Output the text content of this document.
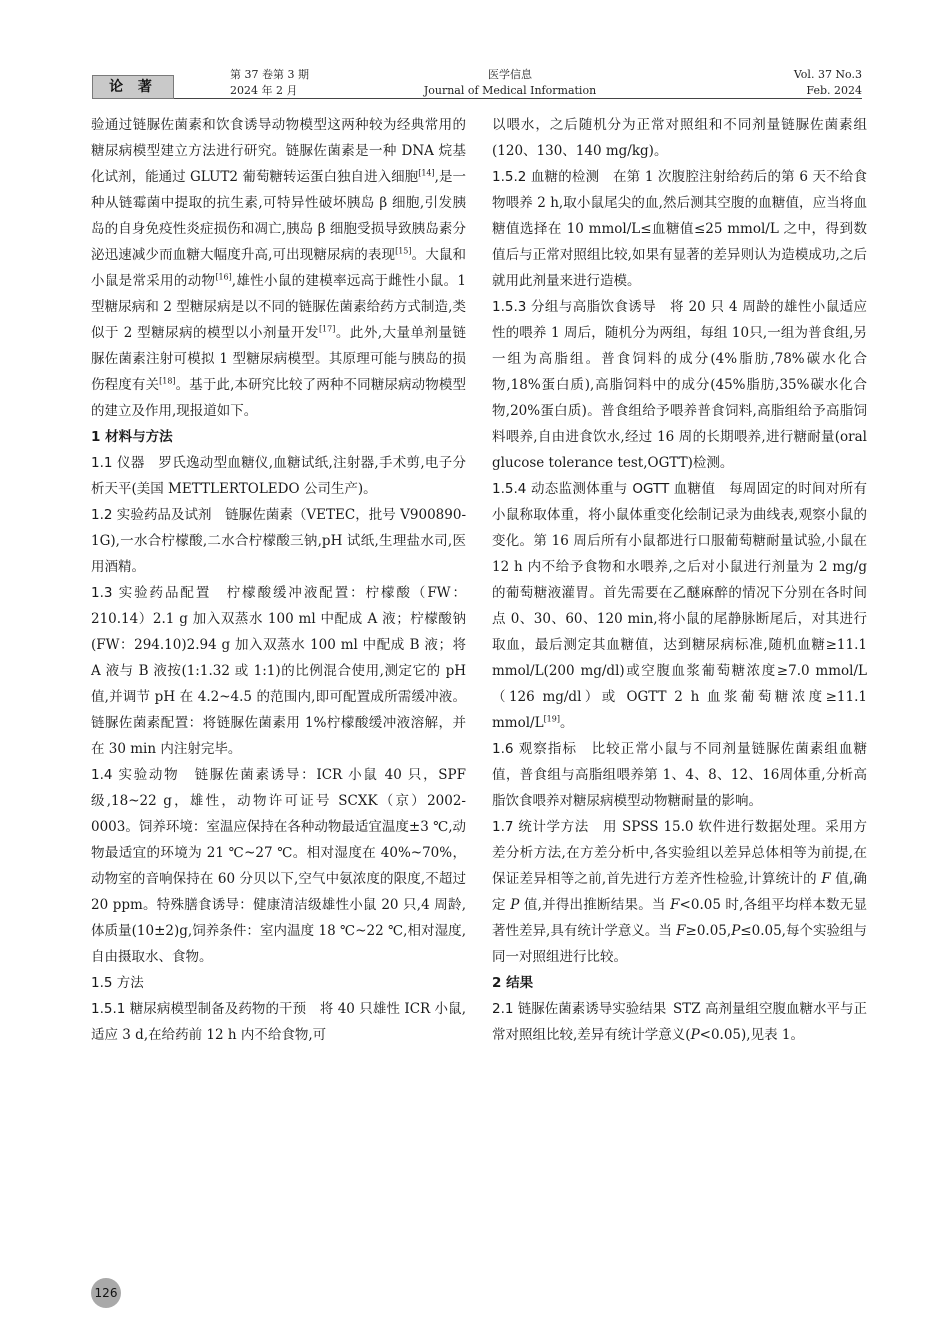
论 著
第 37 卷第 3 期
2024 年 2 月
医学信息
Journal of Medical Information
Vol. 37 No.3
Feb. 2024

验通过链脲佐菌素和饮食诱导动物模型这两种较为经典常用的糖尿病模型建立方法进行研究。链脲佐菌素是一种 DNA 烷基化试剂，能通过 GLUT2 葡萄糖转运蛋白独自进入细胞[14],是一种从链霉菌中提取的抗生素,可特异性破坏胰岛 β 细胞,引发胰岛的自身免疫性炎症损伤和凋亡,胰岛 β 细胞受损导致胰岛素分泌迅速减少而血糖大幅度升高,可出现糖尿病的表现[15]。大鼠和小鼠是常采用的动物[16],雄性小鼠的建模率远高于雌性小鼠。1 型糖尿病和 2 型糖尿病是以不同的链脲佐菌素给药方式制造,类似于 2 型糖尿病的模型以小剂量开发[17]。此外,大量单剂量链脲佐菌素注射可模拟 1 型糖尿病模型。其原理可能与胰岛的损伤程度有关[18]。基于此,本研究比较了两种不同糖尿病动物模型的建立及作用,现报道如下。

1 材料与方法

1.1 仪器 罗氏逸动型血糖仪,血糖试纸,注射器,手术剪,电子分析天平(美国 METTLERTOLEDO 公司生产)。

1.2 实验药品及试剂 链脲佐菌素（VETEC，批号 V900890-1G),一水合柠檬酸,二水合柠檬酸三钠,pH 试纸,生理盐水司,医用酒精。

1.3 实验药品配置 柠檬酸缓冲液配置：柠檬酸（FW：210.14）2.1 g 加入双蒸水 100 ml 中配成 A 液；柠檬酸钠(FW：294.10)2.94 g 加入双蒸水 100 ml 中配成 B 液；将 A 液与 B 液按(1:1.32 或 1:1)的比例混合使用,测定它的 pH 值,并调节 pH 在 4.2~4.5 的范围内,即可配置成所需缓冲液。链脲佐菌素配置：将链脲佐菌素用 1%柠檬酸缓冲液溶解，并在 30 min 内注射完毕。

1.4 实验动物 链脲佐菌素诱导：ICR 小鼠 40 只，SPF 级,18~22 g，雄性，动物许可证号 SCXK（京）2002-0003。饲养环境：室温应保持在各种动物最适宜温度±3 ℃,动物最适宜的环境为 21 ℃~27 ℃。相对湿度在 40%~70%，动物室的音响保持在 60 分贝以下,空气中氨浓度的限度,不超过 20 ppm。特殊膳食诱导：健康清洁级雄性小鼠 20 只,4 周龄,体质量(10±2)g,饲养条件：室内温度 18 ℃~22 ℃,相对湿度,自由摄取水、食物。

1.5 方法

1.5.1 糖尿病模型制备及药物的干预 将 40 只雄性 ICR 小鼠,适应 3 d,在给药前 12 h 内不给食物,可

以喂水，之后随机分为正常对照组和不同剂量链脲佐菌素组(120、130、140 mg/kg)。

1.5.2 血糖的检测 在第 1 次腹腔注射给药后的第 6 天不给食物喂养 2 h,取小鼠尾尖的血,然后测其空腹的血糖值，应当将血糖值选择在 10 mmol/L≤血糖值≤25 mmol/L 之中，得到数值后与正常对照组比较,如果有显著的差异则认为造模成功,之后就用此剂量来进行造模。

1.5.3 分组与高脂饮食诱导 将 20 只 4 周龄的雄性小鼠适应性的喂养 1 周后，随机分为两组，每组 10只,一组为普食组,另一组为高脂组。普食饲料的成分(4%脂肪,78%碳水化合物,18%蛋白质),高脂饲料中的成分(45%脂肪,35%碳水化合物,20%蛋白质)。普食组给予喂养普食饲料,高脂组给予高脂饲料喂养,自由进食饮水,经过 16 周的长期喂养,进行糖耐量(oral glucose tolerance test,OGTT)检测。

1.5.4 动态监测体重与 OGTT 血糖值 每周固定的时间对所有小鼠称取体重，将小鼠体重变化绘制记录为曲线表,观察小鼠的变化。第 16 周后所有小鼠都进行口服葡萄糖耐量试验,小鼠在 12 h 内不给予食物和水喂养,之后对小鼠进行剂量为 2 mg/g 的葡萄糖液灌胃。首先需要在乙醚麻醉的情况下分别在各时间点 0、30、60、120 min,将小鼠的尾静脉断尾后，对其进行取血，最后测定其血糖值，达到糖尿病标准,随机血糖≥11.1 mmol/L(200 mg/dl)或空腹血浆葡萄糖浓度≥7.0 mmol/L（126 mg/dl）或 OGTT 2 h 血浆葡萄糖浓度≥11.1 mmol/L[19]。

1.6 观察指标 比较正常小鼠与不同剂量链脲佐菌素组血糖值，普食组与高脂组喂养第 1、4、8、12、16周体重,分析高脂饮食喂养对糖尿病模型动物糖耐量的影响。

1.7 统计学方法 用 SPSS 15.0 软件进行数据处理。采用方差分析方法,在方差分析中,各实验组以差异总体相等为前提,在保证差异相等之前,首先进行方差齐性检验,计算统计的 F 值,确定 P 值,并得出推断结果。当 F<0.05 时,各组平均样本数无显著性差异,具有统计学意义。当 F≥0.05,P≤0.05,每个实验组与同一对照组进行比较。

2 结果

2.1 链脲佐菌素诱导实验结果 STZ 高剂量组空腹血糖水平与正常对照组比较,差异有统计学意义(P<0.05),见表 1。

126
